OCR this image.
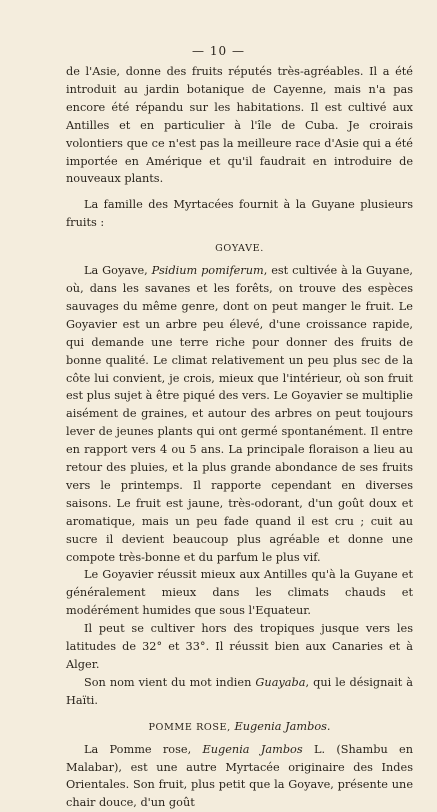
— 10 —

de l'Asie, donne des fruits réputés très-agréables. Il a été introduit au jardin botanique de Cayenne, mais n'a pas encore été répandu sur les habitations. Il est cultivé aux Antilles et en particulier à l'île de Cuba. Je croirais volontiers que ce n'est pas la meilleure race d'Asie qui a été importée en Amérique et qu'il faudrait en introduire de nouveaux plants.

La famille des Myrtacées fournit à la Guyane plusieurs fruits :

GOYAVE.

La Goyave, Psidium pomiferum, est cultivée à la Guyane, où, dans les savanes et les forêts, on trouve des espèces sauvages du même genre, dont on peut manger le fruit. Le Goyavier est un arbre peu élevé, d'une croissance rapide, qui demande une terre riche pour donner des fruits de bonne qualité. Le climat relativement un peu plus sec de la côte lui convient, je crois, mieux que l'intérieur, où son fruit est plus sujet à être piqué des vers. Le Goyavier se multiplie aisément de graines, et autour des arbres on peut toujours lever de jeunes plants qui ont germé spontanément. Il entre en rapport vers 4 ou 5 ans. La principale floraison a lieu au retour des pluies, et la plus grande abondance de ses fruits vers le printemps. Il rapporte cependant en diverses saisons. Le fruit est jaune, très-odorant, d'un goût doux et aromatique, mais un peu fade quand il est cru ; cuit au sucre il devient beaucoup plus agréable et donne une compote très-bonne et du parfum le plus vif.

Le Goyavier réussit mieux aux Antilles qu'à la Guyane et généralement mieux dans les climats chauds et modérément humides que sous l'Equateur.

Il peut se cultiver hors des tropiques jusque vers les latitudes de 32° et 33°. Il réussit bien aux Canaries et à Alger.

Son nom vient du mot indien Guayaba, qui le désignait à Haïti.

POMME ROSE, Eugenia Jambos.

La Pomme rose, Eugenia Jambos L. (Shambu en Malabar), est une autre Myrtacée originaire des Indes Orientales. Son fruit, plus petit que la Goyave, présente une chair douce, d'un goût
